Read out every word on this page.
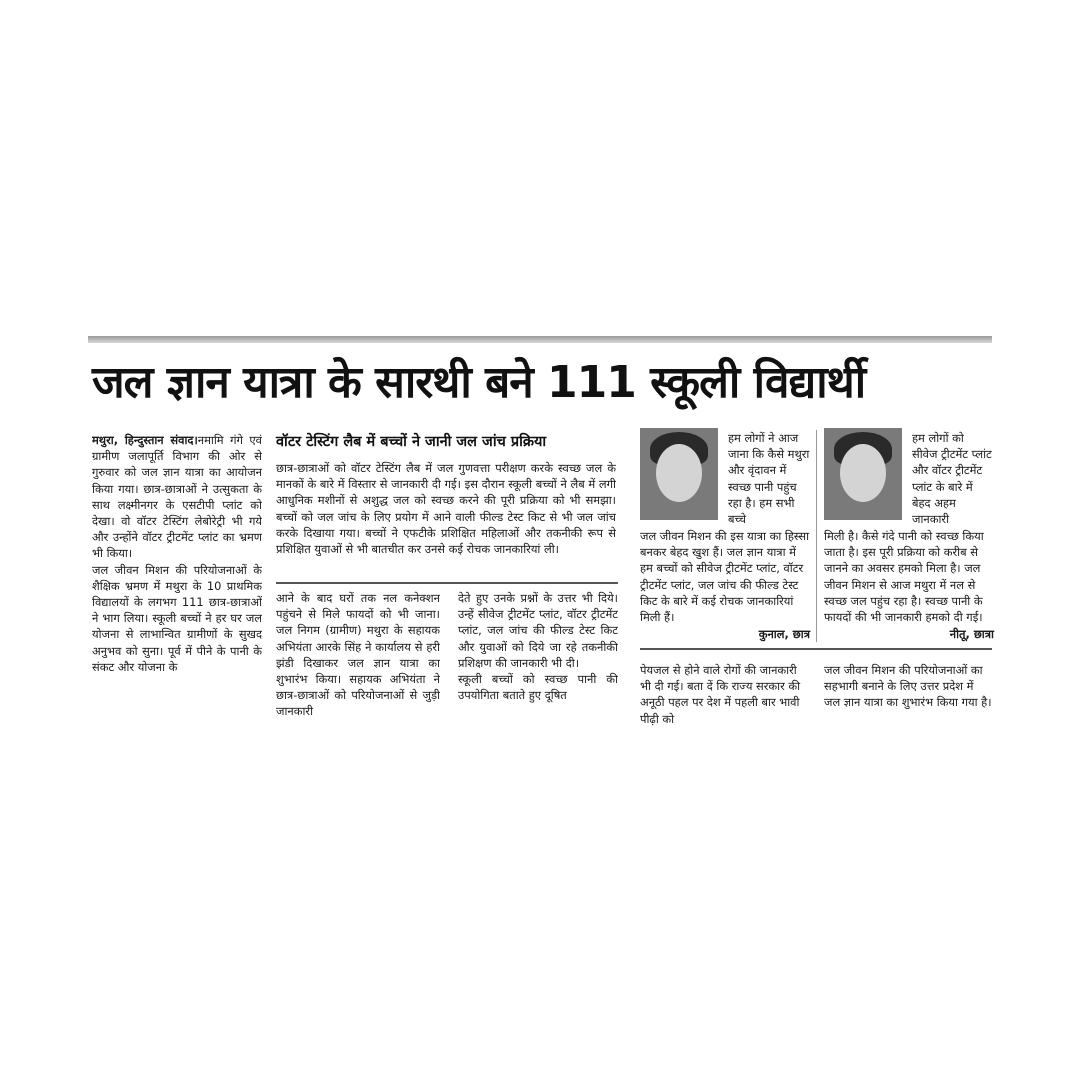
जल ज्ञान यात्रा के सारथी बने 111 स्कूली विद्यार्थी

मथुरा, हिन्दुस्तान संवाद।नमामि गंगे एवं ग्रामीण जलापूर्ति विभाग की ओर से गुरुवार को जल ज्ञान यात्रा का आयोजन किया गया। छात्र-छात्राओं ने उत्सुकता के साथ लक्ष्मीनगर के एसटीपी प्लांट को देखा। वो वॉटर टेस्टिंग लेबोरेट्री भी गये और उन्होंने वॉटर ट्रीटमेंट प्लांट का भ्रमण भी किया।
जल जीवन मिशन की परियोजनाओं के शैक्षिक भ्रमण में मथुरा के 10 प्राथमिक विद्यालयों के लगभग 111 छात्र-छात्राओं ने भाग लिया। स्कूली बच्चों ने हर घर जल योजना से लाभान्वित ग्रामीणों के सुखद अनुभव को सुना। पूर्व में पीने के पानी के संकट और योजना के

वॉटर टेस्टिंग लैब में बच्चों ने जानी जल जांच प्रक्रिया

छात्र-छात्राओं को वॉटर टेस्टिंग लैब में जल गुणवत्ता परीक्षण करके स्वच्छ जल के मानकों के बारे में विस्तार से जानकारी दी गई। इस दौरान स्कूली बच्चों ने लैब में लगी आधुनिक मशीनों से अशुद्ध जल को स्वच्छ करने की पूरी प्रक्रिया को भी समझा। बच्चों को जल जांच के लिए प्रयोग में आने वाली फील्ड टेस्ट किट से भी जल जांच करके दिखाया गया। बच्चों ने एफटीके प्रशिक्षित महिलाओं और तकनीकी रूप से प्रशिक्षित युवाओं से भी बातचीत कर उनसे कई रोचक जानकारियां ली।

आने के बाद घरों तक नल कनेक्शन पहुंचने से मिले फायदों को भी जाना। जल निगम (ग्रामीण) मथुरा के सहायक अभियंता आरके सिंह ने कार्यालय से हरी झंडी दिखाकर जल ज्ञान यात्रा का शुभारंभ किया। सहायक अभियंता ने छात्र-छात्राओं को परियोजनाओं से जुड़ी जानकारी

देते हुए उनके प्रश्नों के उत्तर भी दिये। उन्हें सीवेज ट्रीटमेंट प्लांट, वॉटर ट्रीटमेंट प्लांट, जल जांच की फील्ड टेस्ट किट और युवाओं को दिये जा रहे तकनीकी प्रशिक्षण की जानकारी भी दी।
स्कूली बच्चों को स्वच्छ पानी की उपयोगिता बताते हुए दूषित

हम लोगों ने आज जाना कि कैसे मथुरा और वृंदावन में स्वच्छ पानी पहुंच रहा है। हम सभी बच्चे

जल जीवन मिशन की इस यात्रा का हिस्सा बनकर बेहद खुश हैं। जल ज्ञान यात्रा में हम बच्चों को सीवेज ट्रीटमेंट प्लांट, वॉटर ट्रीटमेंट प्लांट, जल जांच की फील्ड टेस्ट किट के बारे में कई रोचक जानकारियां मिली हैं।

कुनाल, छात्र

हम लोगों को सीवेज ट्रीटमेंट प्लांट और वॉटर ट्रीटमेंट प्लांट के बारे में बेहद अहम जानकारी

मिली है। कैसे गंदे पानी को स्वच्छ किया जाता है। इस पूरी प्रक्रिया को करीब से जानने का अवसर हमको मिला है। जल जीवन मिशन से आज मथुरा में नल से स्वच्छ जल पहुंच रहा है। स्वच्छ पानी के फायदों की भी जानकारी हमको दी गई।

नीतू, छात्रा

पेयजल से होने वाले रोगों की जानकारी भी दी गई। बता दें कि राज्य सरकार की अनूठी पहल पर देश में पहली बार भावी पीढ़ी को

जल जीवन मिशन की परियोजनाओं का सहभागी बनाने के लिए उत्तर प्रदेश में जल ज्ञान यात्रा का शुभारंभ किया गया है।
